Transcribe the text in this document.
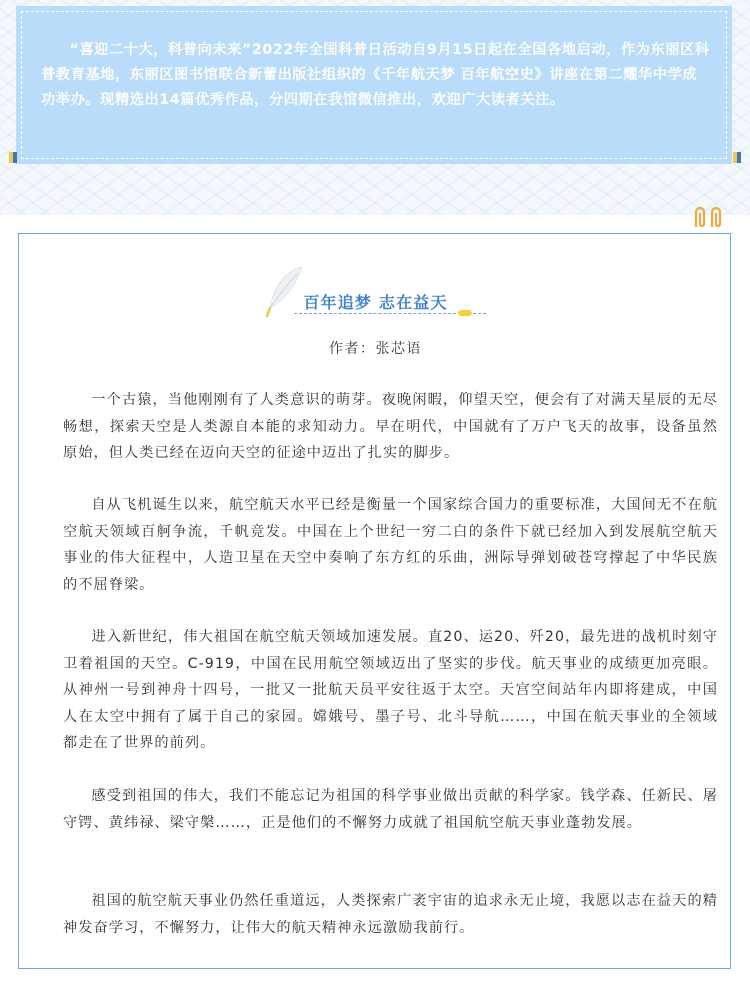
“喜迎二十大，科普向未来”2022年全国科普日活动自9月15日起在全国各地启动，作为东丽区科普教育基地，东丽区图书馆联合新蕾出版社组织的《千年航天梦 百年航空史》讲座在第二耀华中学成功举办。现精选出14篇优秀作品，分四期在我馆微信推出，欢迎广大读者关注。

百年追梦 志在益天

作者：张芯语

一个古猿，当他刚刚有了人类意识的萌芽。夜晚闲暇，仰望天空，便会有了对满天星辰的无尽畅想，探索天空是人类源自本能的求知动力。早在明代，中国就有了万户飞天的故事，设备虽然原始，但人类已经在迈向天空的征途中迈出了扎实的脚步。

自从飞机诞生以来，航空航天水平已经是衡量一个国家综合国力的重要标准，大国间无不在航空航天领域百舸争流，千帆竞发。中国在上个世纪一穷二白的条件下就已经加入到发展航空航天事业的伟大征程中，人造卫星在天空中奏响了东方红的乐曲，洲际导弹划破苍穹撑起了中华民族的不屈脊梁。

进入新世纪，伟大祖国在航空航天领域加速发展。直20、运20、歼20，最先进的战机时刻守卫着祖国的天空。C-919，中国在民用航空领域迈出了坚实的步伐。航天事业的成绩更加亮眼。从神州一号到神舟十四号，一批又一批航天员平安往返于太空。天宫空间站年内即将建成，中国人在太空中拥有了属于自己的家园。嫦娥号、墨子号、北斗导航……，中国在航天事业的全领域都走在了世界的前列。

感受到祖国的伟大，我们不能忘记为祖国的科学事业做出贡献的科学家。钱学森、任新民、屠守锷、黄纬禄、梁守槃……，正是他们的不懈努力成就了祖国航空航天事业蓬勃发展。

祖国的航空航天事业仍然任重道远，人类探索广袤宇宙的追求永无止境，我愿以志在益天的精神发奋学习，不懈努力，让伟大的航天精神永远激励我前行。
